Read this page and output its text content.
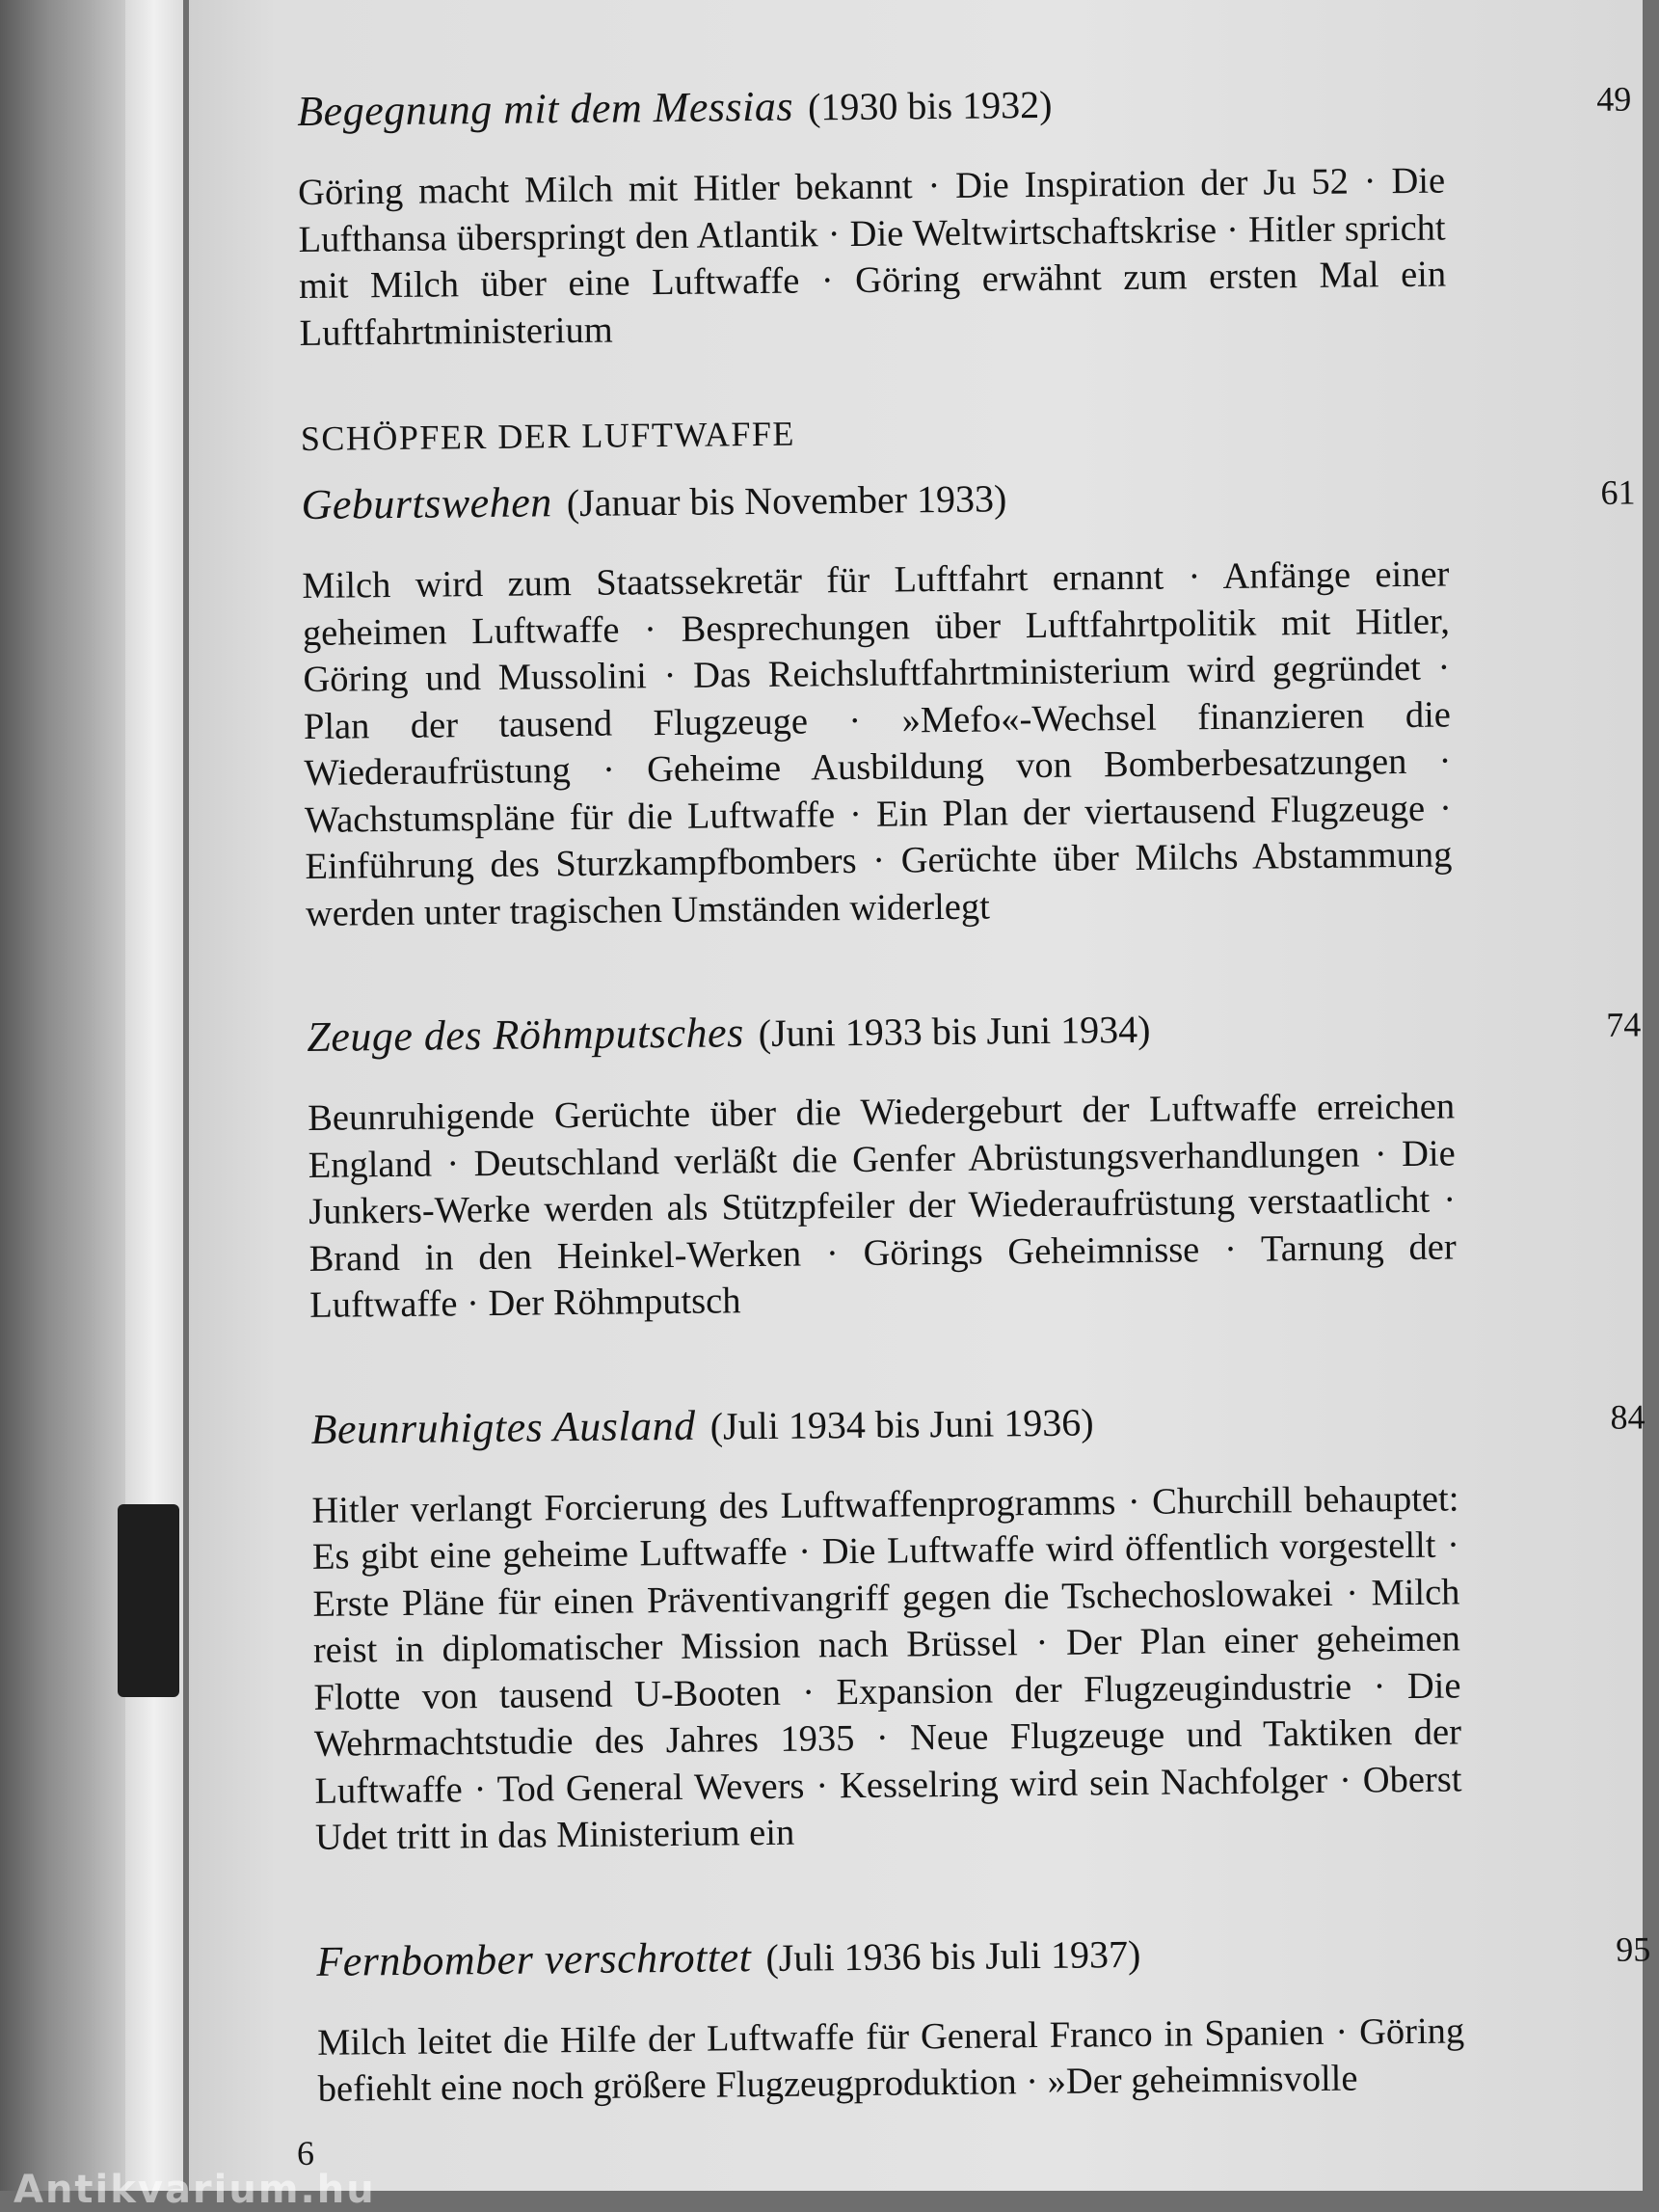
Begegnung mit dem Messias (1930 bis 1932)	49
Göring macht Milch mit Hitler bekannt · Die Inspiration der Ju 52 · Die Lufthansa überspringt den Atlantik · Die Weltwirtschaftskrise · Hitler spricht mit Milch über eine Luftwaffe · Göring erwähnt zum ersten Mal ein Luftfahrtministerium
SCHÖPFER DER LUFTWAFFE
Geburtswehen (Januar bis November 1933)	61
Milch wird zum Staatssekretär für Luftfahrt ernannt · Anfänge einer geheimen Luftwaffe · Besprechungen über Luftfahrtpolitik mit Hitler, Göring und Mussolini · Das Reichsluftfahrtministerium wird gegründet · Plan der tausend Flugzeuge · »Mefo«-Wechsel finanzieren die Wiederaufrüstung · Geheime Ausbildung von Bomberbesatzungen · Wachstumspläne für die Luftwaffe · Ein Plan der viertausend Flugzeuge · Einführung des Sturzkampfbombers · Gerüchte über Milchs Abstammung werden unter tragischen Umständen widerlegt
Zeuge des Röhmputsches (Juni 1933 bis Juni 1934)	74
Beunruhigende Gerüchte über die Wiedergeburt der Luftwaffe erreichen England · Deutschland verläßt die Genfer Abrüstungsverhandlungen · Die Junkers-Werke werden als Stützpfeiler der Wiederaufrüstung verstaatlicht · Brand in den Heinkel-Werken · Görings Geheimnisse · Tarnung der Luftwaffe · Der Röhmputsch
Beunruhigtes Ausland (Juli 1934 bis Juni 1936)	84
Hitler verlangt Forcierung des Luftwaffenprogramms · Churchill behauptet: Es gibt eine geheime Luftwaffe · Die Luftwaffe wird öffentlich vorgestellt · Erste Pläne für einen Präventivangriff gegen die Tschechoslowakei · Milch reist in diplomatischer Mission nach Brüssel · Der Plan einer geheimen Flotte von tausend U-Booten · Expansion der Flugzeugindustrie · Die Wehrmachtstudie des Jahres 1935 · Neue Flugzeuge und Taktiken der Luftwaffe · Tod General Wevers · Kesselring wird sein Nachfolger · Oberst Udet tritt in das Ministerium ein
Fernbomber verschrottet (Juli 1936 bis Juli 1937)	95
Milch leitet die Hilfe der Luftwaffe für General Franco in Spanien · Göring befiehlt eine noch größere Flugzeugproduktion · »Der geheimnisvolle
6
Antikvarium.hu
